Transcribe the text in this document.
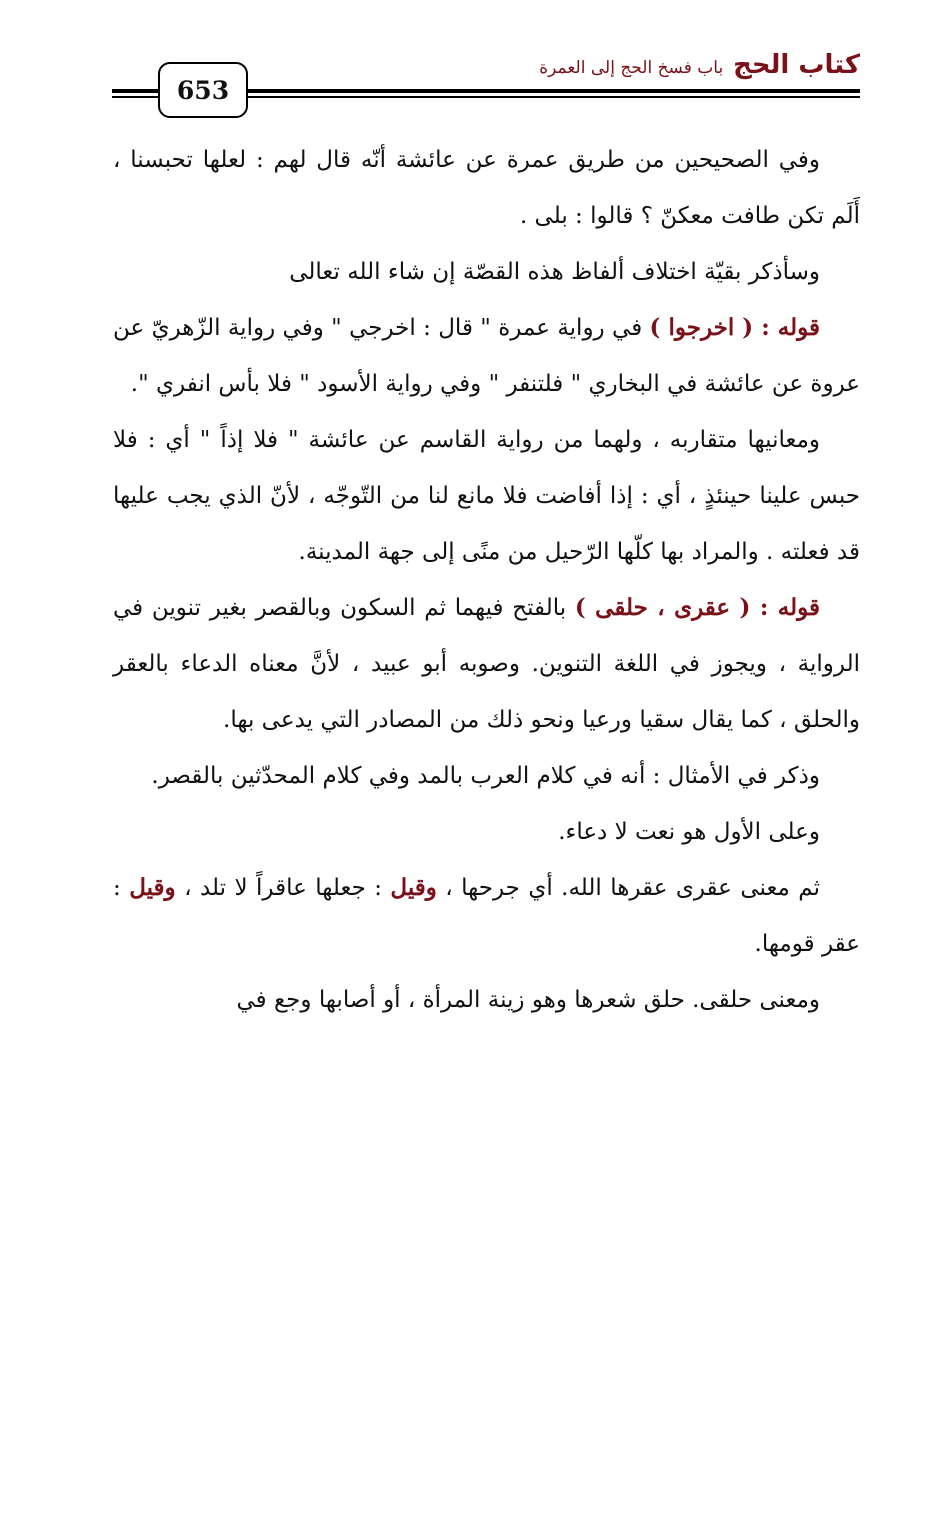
كتاب الحج
باب فسخ الحج إلى العمرة
653

وفي الصحيحين من طريق عمرة عن عائشة أنّه قال لهم : لعلها تحبسنا ، أَلَم تكن طافت معكنّ ؟ قالوا : بلى .

وسأذكر بقيّة اختلاف ألفاظ هذه القصّة إن شاء الله تعالى

قوله : ( اخرجوا ) في رواية عمرة " قال : اخرجي " وفي رواية الزّهريّ عن عروة عن عائشة في البخاري " فلتنفر " وفي رواية الأسود " فلا بأس انفري ".

ومعانيها متقاربه ، ولهما من رواية القاسم عن عائشة " فلا إذاً " أي : فلا حبس علينا حينئذٍ ، أي : إذا أفاضت فلا مانع لنا من التّوجّه ، لأنّ الذي يجب عليها قد فعلته . والمراد بها كلّها الرّحيل من منًى إلى جهة المدينة.

قوله : ( عقرى ، حلقى ) بالفتح فيهما ثم السكون وبالقصر بغير تنوين في الرواية ، ويجوز في اللغة التنوين. وصوبه أبو عبيد ، لأنَّ معناه الدعاء بالعقر والحلق ، كما يقال سقيا ورعيا ونحو ذلك من المصادر التي يدعى بها.

وذكر في الأمثال : أنه في كلام العرب بالمد وفي كلام المحدّثين بالقصر.

وعلى الأول هو نعت لا دعاء.

ثم معنى عقرى عقرها الله. أي جرحها ، وقيل : جعلها عاقراً لا تلد ، وقيل : عقر قومها.

ومعنى حلقى. حلق شعرها وهو زينة المرأة ، أو أصابها وجع في
